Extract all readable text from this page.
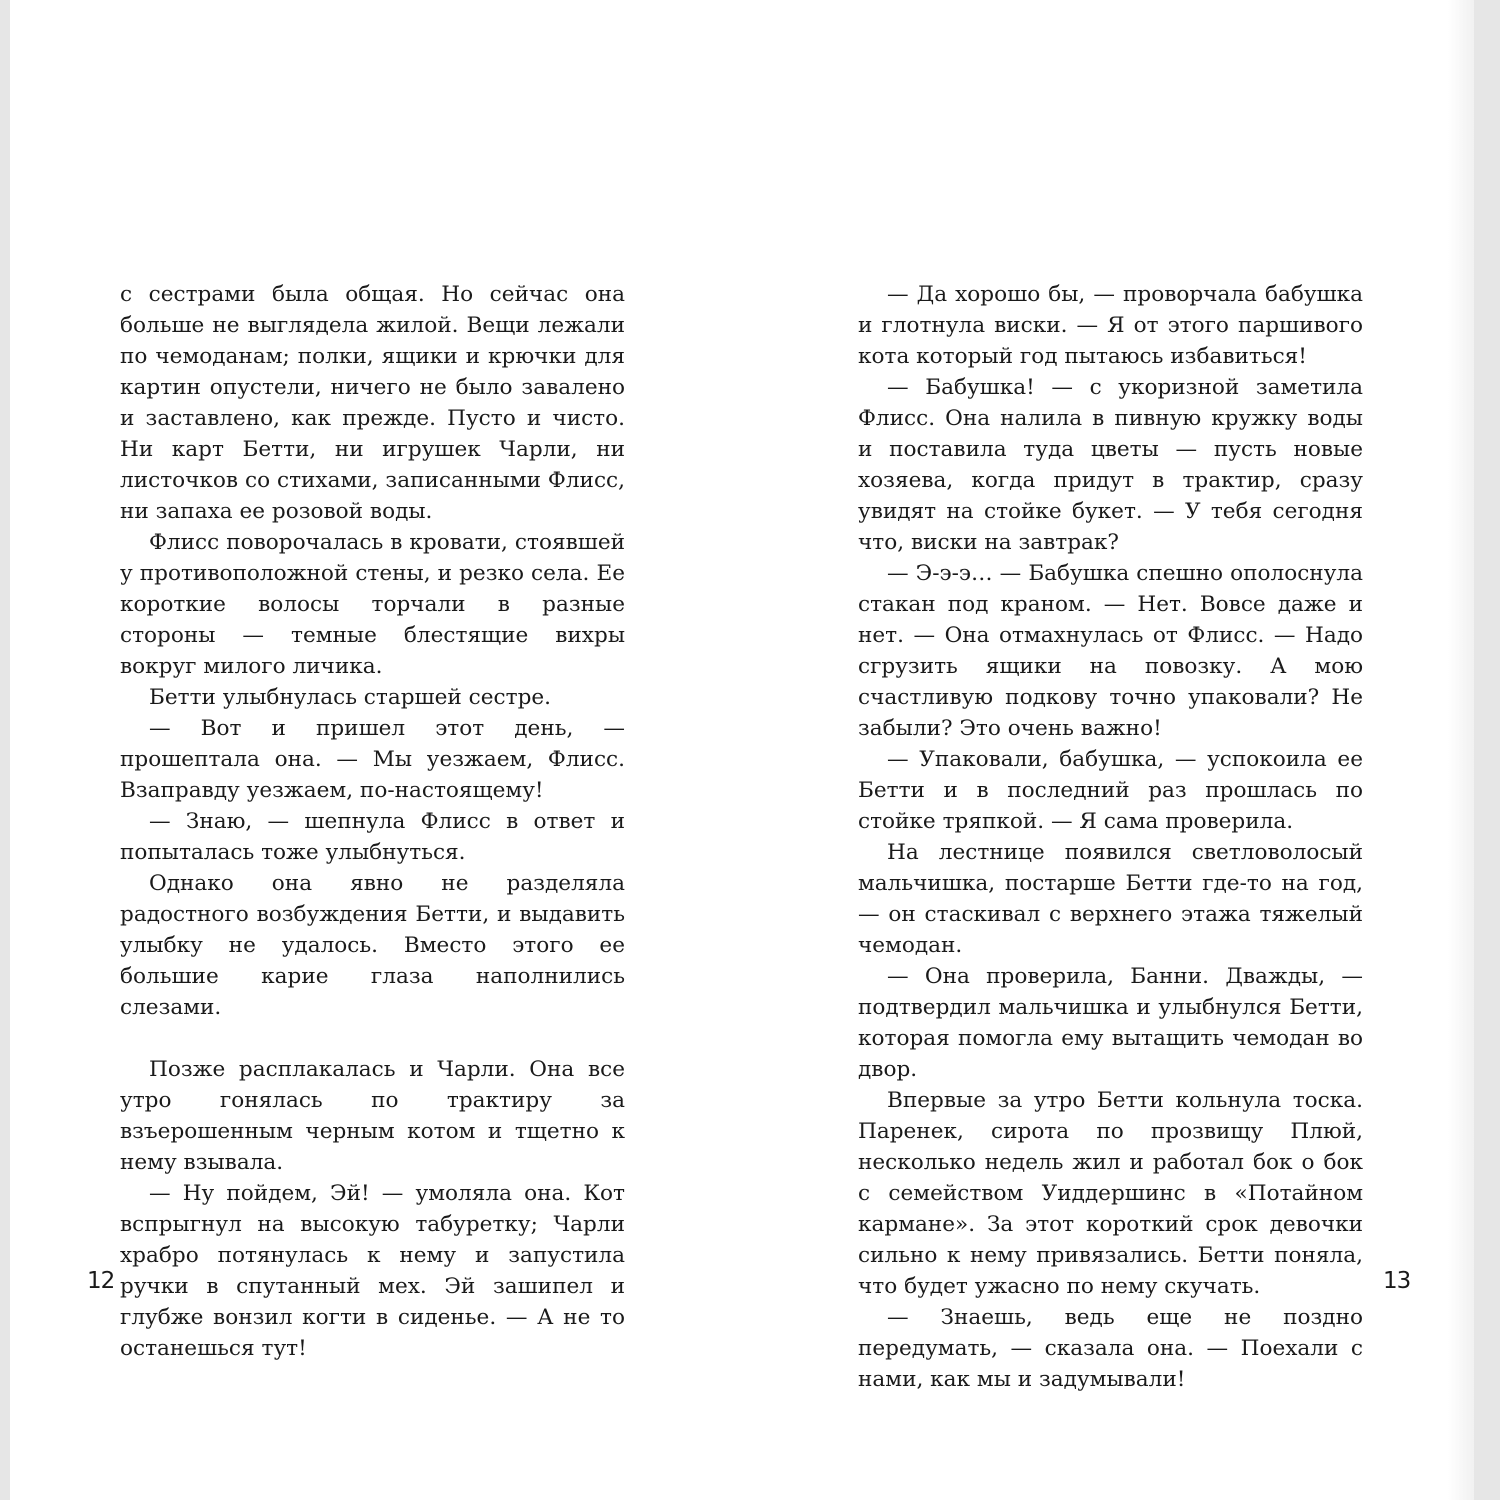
с сестрами была общая. Но сейчас она больше не выглядела жилой. Вещи лежали по чемоданам; полки, ящики и крючки для картин опустели, ничего не было завалено и заставлено, как прежде. Пусто и чисто. Ни карт Бетти, ни игрушек Чарли, ни листочков со стихами, записанными Флисс, ни запаха ее розовой воды.

Флисс поворочалась в кровати, стоявшей у противоположной стены, и резко села. Ее короткие волосы торчали в разные стороны — темные блестящие вихры вокруг милого личика.

Бетти улыбнулась старшей сестре.

— Вот и пришел этот день, — прошептала она. — Мы уезжаем, Флисс. Взаправду уезжаем, по-настоящему!

— Знаю, — шепнула Флисс в ответ и попыталась тоже улыбнуться.

Однако она явно не разделяла радостного возбуждения Бетти, и выдавить улыбку не удалось. Вместо этого ее большие карие глаза наполнились слезами.

Позже расплакалась и Чарли. Она все утро гонялась по трактиру за взъерошенным черным котом и тщетно к нему взывала.

— Ну пойдем, Эй! — умоляла она. Кот вспрыгнул на высокую табуретку; Чарли храбро потянулась к нему и запустила ручки в спутанный мех. Эй зашипел и глубже вонзил когти в сиденье. — А не то останешься тут!

12

— Да хорошо бы, — проворчала бабушка и глотнула виски. — Я от этого паршивого кота который год пытаюсь избавиться!

— Бабушка! — с укоризной заметила Флисс. Она налила в пивную кружку воды и поставила туда цветы — пусть новые хозяева, когда придут в трактир, сразу увидят на стойке букет. — У тебя сегодня что, виски на завтрак?

— Э-э-э… — Бабушка спешно ополоснула стакан под краном. — Нет. Вовсе даже и нет. — Она отмахнулась от Флисс. — Надо сгрузить ящики на повозку. А мою счастливую подкову точно упаковали? Не забыли? Это очень важно!

— Упаковали, бабушка, — успокоила ее Бетти и в последний раз прошлась по стойке тряпкой. — Я сама проверила.

На лестнице появился светловолосый мальчишка, постарше Бетти где-то на год, — он стаскивал с верхнего этажа тяжелый чемодан.

— Она проверила, Банни. Дважды, — подтвердил мальчишка и улыбнулся Бетти, которая помогла ему вытащить чемодан во двор.

Впервые за утро Бетти кольнула тоска. Паренек, сирота по прозвищу Плюй, несколько недель жил и работал бок о бок с семейством Уиддершинс в «Потайном кармане». За этот короткий срок девочки сильно к нему привязались. Бетти поняла, что будет ужасно по нему скучать.

— Знаешь, ведь еще не поздно передумать, — сказала она. — Поехали с нами, как мы и задумывали!

13
